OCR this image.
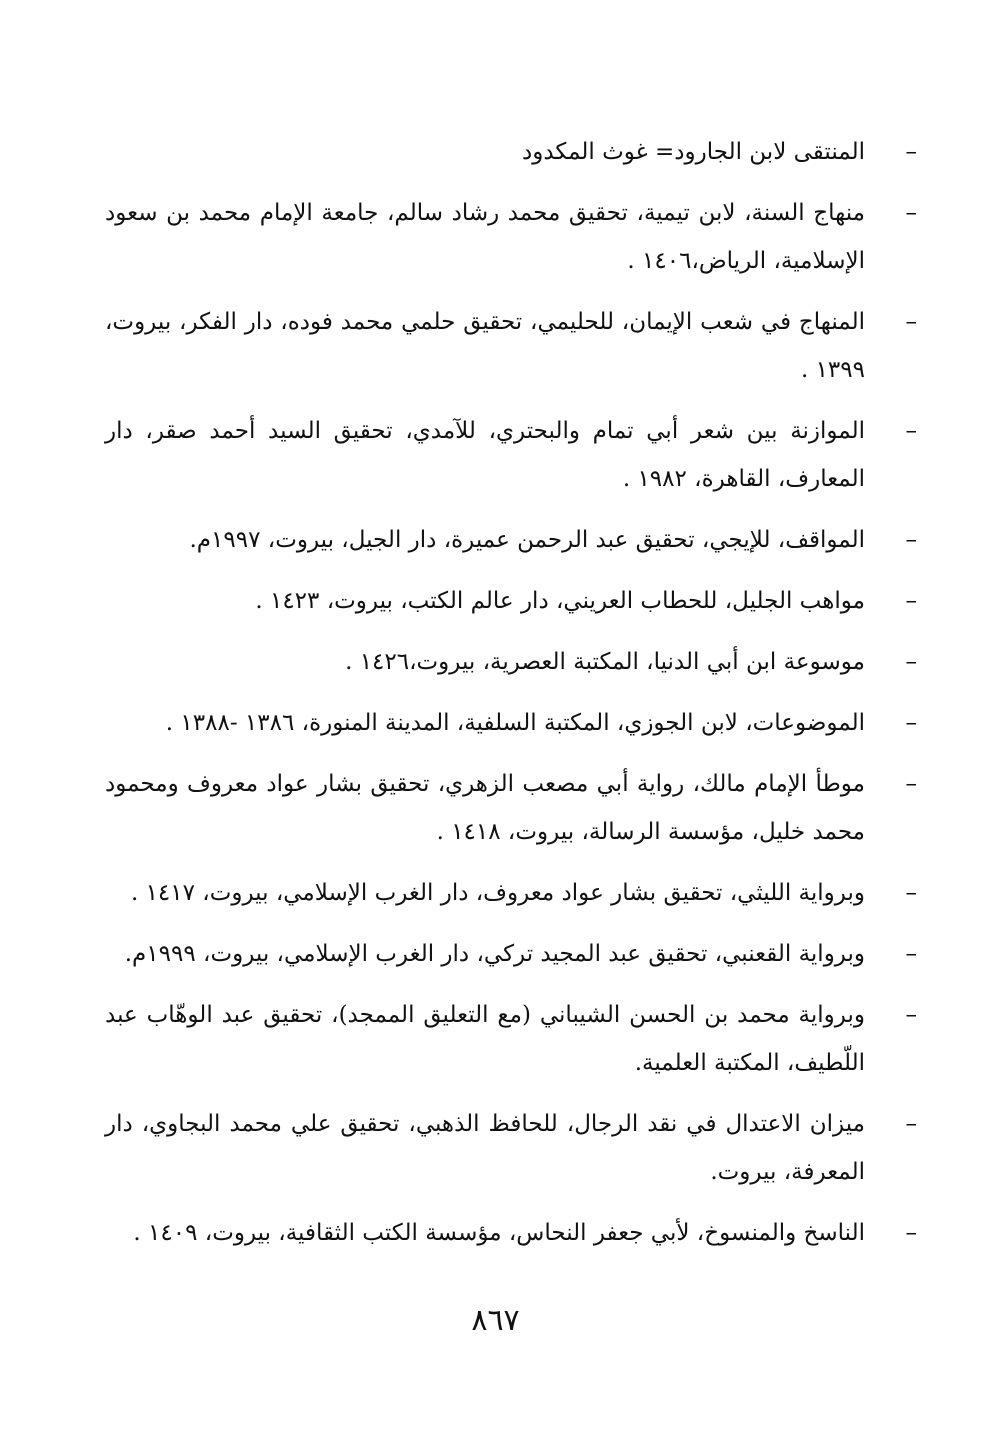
–
المنتقى لابن الجارود= غوث المكدود
–
منهاج السنة، لابن تيمية، تحقيق محمد رشاد سالم، جامعة الإمام محمد بن سعود الإسلامية، الرياض،١٤٠٦ .
–
المنهاج في شعب الإيمان، للحليمي، تحقيق حلمي محمد فوده، دار الفكر، بيروت، ١٣٩٩ .
–
الموازنة بين شعر أبي تمام والبحتري، للآمدي، تحقيق السيد أحمد صقر، دار المعارف، القاهرة، ١٩٨٢ .
–
المواقف، للإيجي، تحقيق عبد الرحمن عميرة، دار الجيل، بيروت، ١٩٩٧م.
–
مواهب الجليل، للحطاب العريني، دار عالم الكتب، بيروت، ١٤٢٣ .
–
موسوعة ابن أبي الدنيا، المكتبة العصرية، بيروت،١٤٢٦ .
–
الموضوعات، لابن الجوزي، المكتبة السلفية، المدينة المنورة، ١٣٨٦ -١٣٨٨ .
–
موطأ الإمام مالك، رواية أبي مصعب الزهري، تحقيق بشار عواد معروف ومحمود محمد خليل، مؤسسة الرسالة، بيروت، ١٤١٨ .
–
وبرواية الليثي، تحقيق بشار عواد معروف، دار الغرب الإسلامي، بيروت، ١٤١٧ .
–
وبرواية القعنبي، تحقيق عبد المجيد تركي، دار الغرب الإسلامي، بيروت، ١٩٩٩م.
–
وبرواية محمد بن الحسن الشيباني (مع التعليق الممجد)، تحقيق عبد الوهّاب عبد اللّطيف، المكتبة العلمية.
–
ميزان الاعتدال في نقد الرجال، للحافظ الذهبي، تحقيق علي محمد البجاوي، دار المعرفة، بيروت.
–
الناسخ والمنسوخ، لأبي جعفر النحاس، مؤسسة الكتب الثقافية، بيروت، ١٤٠٩ .
٨٦٧
